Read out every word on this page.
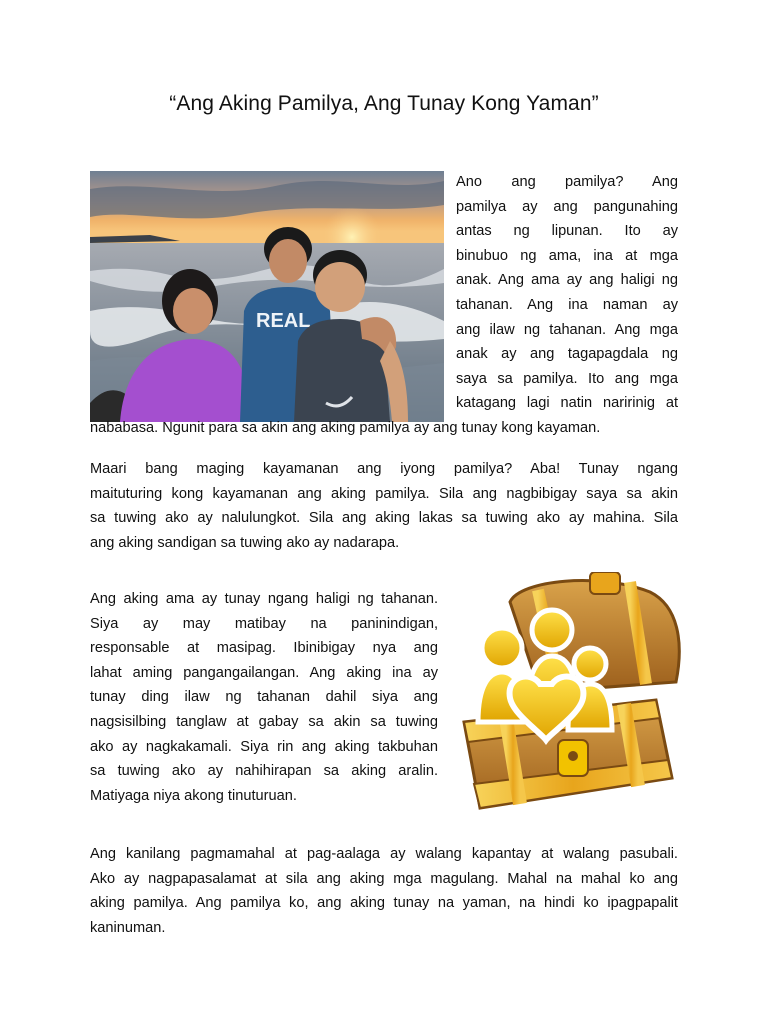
“Ang Aking Pamilya, Ang Tunay Kong Yaman”
REAL
Ano ang pamilya? Ang
pamilya ay ang pangunahing
antas ng lipunan. Ito ay
binubuo ng ama, ina at mga
anak. Ang ama ay ang haligi ng
tahanan. Ang ina naman ay
ang ilaw ng tahanan. Ang mga
anak ay ang tagapagdala ng
saya sa pamilya. Ito ang mga
katagang lagi natin naririnig at
nababasa. Ngunit para sa akin ang aking pamilya ay ang tunay kong kayaman.
Maari bang maging kayamanan ang iyong pamilya? Aba! Tunay ngang
maituturing kong kayamanan ang aking pamilya. Sila ang nagbibigay saya sa akin
sa tuwing ako ay nalulungkot. Sila ang aking lakas sa tuwing ako ay mahina. Sila
ang aking sandigan sa tuwing ako ay nadarapa.
Ang aking ama ay tunay ngang haligi ng tahanan.
Siya ay may matibay na paninindigan,
responsable at masipag. Ibinibigay nya ang
lahat aming pangangailangan. Ang aking ina ay
tunay ding ilaw ng tahanan dahil siya ang
nagsisilbing tanglaw at gabay sa akin sa tuwing
ako ay nagkakamali. Siya rin ang aking takbuhan
sa tuwing ako ay nahihirapan sa aking aralin.
Matiyaga niya akong tinuturuan.
Ang kanilang pagmamahal at pag-aalaga ay walang kapantay at walang pasubali.
Ako ay nagpapasalamat at sila ang aking mga magulang. Mahal na mahal ko ang
aking pamilya. Ang pamilya ko, ang aking tunay na yaman, na hindi ko ipagpapalit
kaninuman.
